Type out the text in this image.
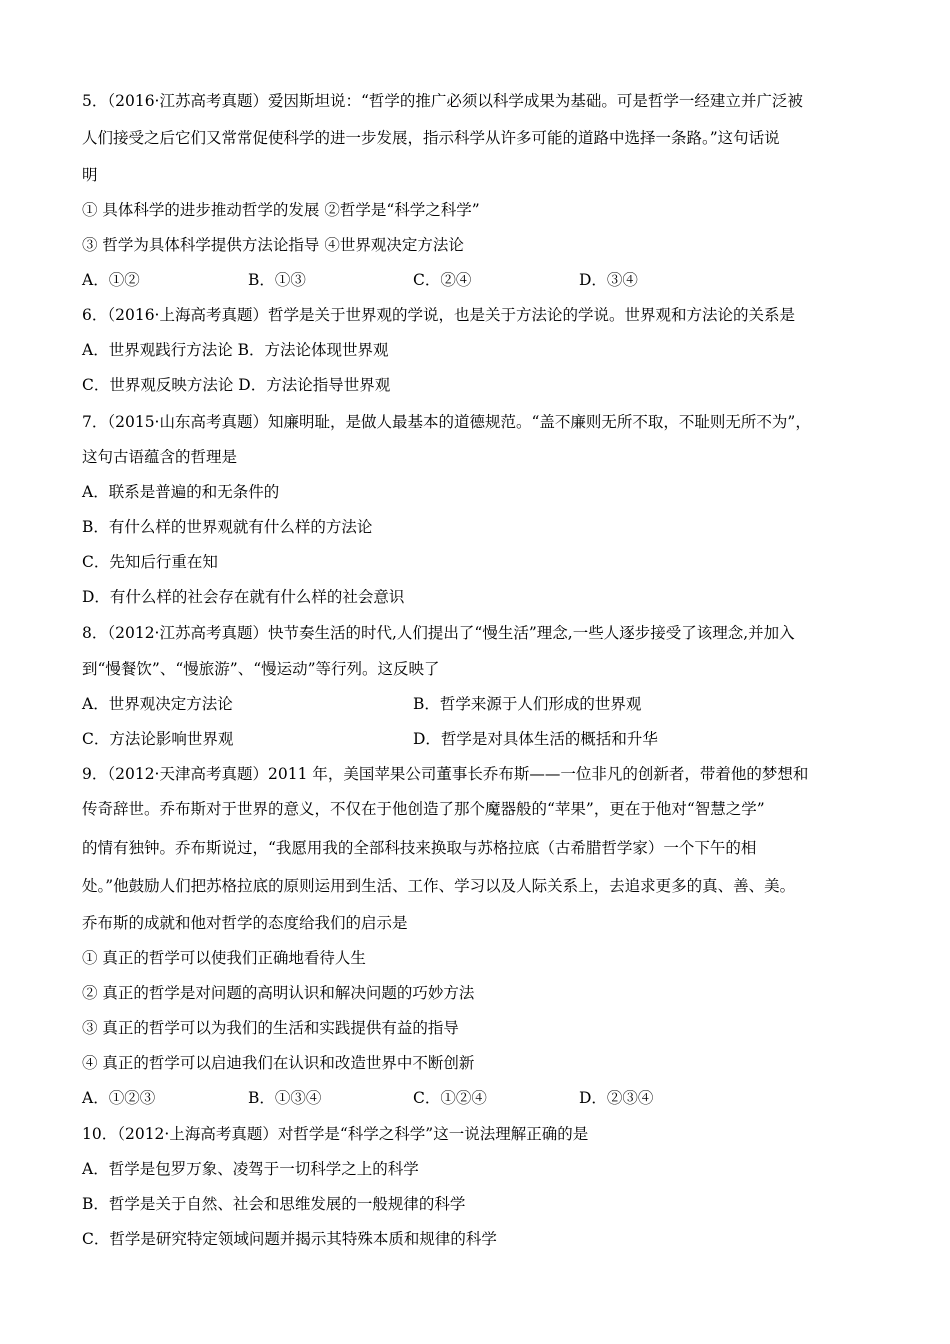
5．（2016·江苏高考真题）爱因斯坦说：“哲学的推广必须以科学成果为基础。可是哲学一经建立并广泛被
人们接受之后它们又常常促使科学的进一步发展，指示科学从许多可能的道路中选择一条路。”这句话说
明
① 具体科学的进步推动哲学的发展 ②哲学是“科学之科学”
③ 哲学为具体科学提供方法论指导 ④世界观决定方法论
A．①②	B．①③	C．②④	D．③④
6．（2016·上海高考真题）哲学是关于世界观的学说，也是关于方法论的学说。世界观和方法论的关系是
A．世界观践行方法论 B．方法论体现世界观
C．世界观反映方法论 D．方法论指导世界观
7．（2015·山东高考真题）知廉明耻，是做人最基本的道德规范。“盖不廉则无所不取，不耻则无所不为”，
这句古语蕴含的哲理是
A．联系是普遍的和无条件的
B．有什么样的世界观就有什么样的方法论
C．先知后行重在知
D．有什么样的社会存在就有什么样的社会意识
8．（2012·江苏高考真题）快节奏生活的时代,人们提出了“慢生活”理念,一些人逐步接受了该理念,并加入
到“慢餐饮”、“慢旅游”、“慢运动”等行列。这反映了
A．世界观决定方法论	B．哲学来源于人们形成的世界观
C．方法论影响世界观	D．哲学是对具体生活的概括和升华
9．（2012·天津高考真题）2011 年，美国苹果公司董事长乔布斯——一位非凡的创新者，带着他的梦想和
传奇辞世。乔布斯对于世界的意义，不仅在于他创造了那个魔器般的“苹果”，更在于他对“智慧之学”
的情有独钟。乔布斯说过，“我愿用我的全部科技来换取与苏格拉底（古希腊哲学家）一个下午的相
处。”他鼓励人们把苏格拉底的原则运用到生活、工作、学习以及人际关系上，去追求更多的真、善、美。
乔布斯的成就和他对哲学的态度给我们的启示是
① 真正的哲学可以使我们正确地看待人生
② 真正的哲学是对问题的高明认识和解决问题的巧妙方法
③ 真正的哲学可以为我们的生活和实践提供有益的指导
④ 真正的哲学可以启迪我们在认识和改造世界中不断创新
A．①②③	B．①③④	C．①②④	D．②③④
10．（2012·上海高考真题）对哲学是“科学之科学”这一说法理解正确的是
A．哲学是包罗万象、凌驾于一切科学之上的科学
B．哲学是关于自然、社会和思维发展的一般规律的科学
C．哲学是研究特定领域问题并揭示其特殊本质和规律的科学
